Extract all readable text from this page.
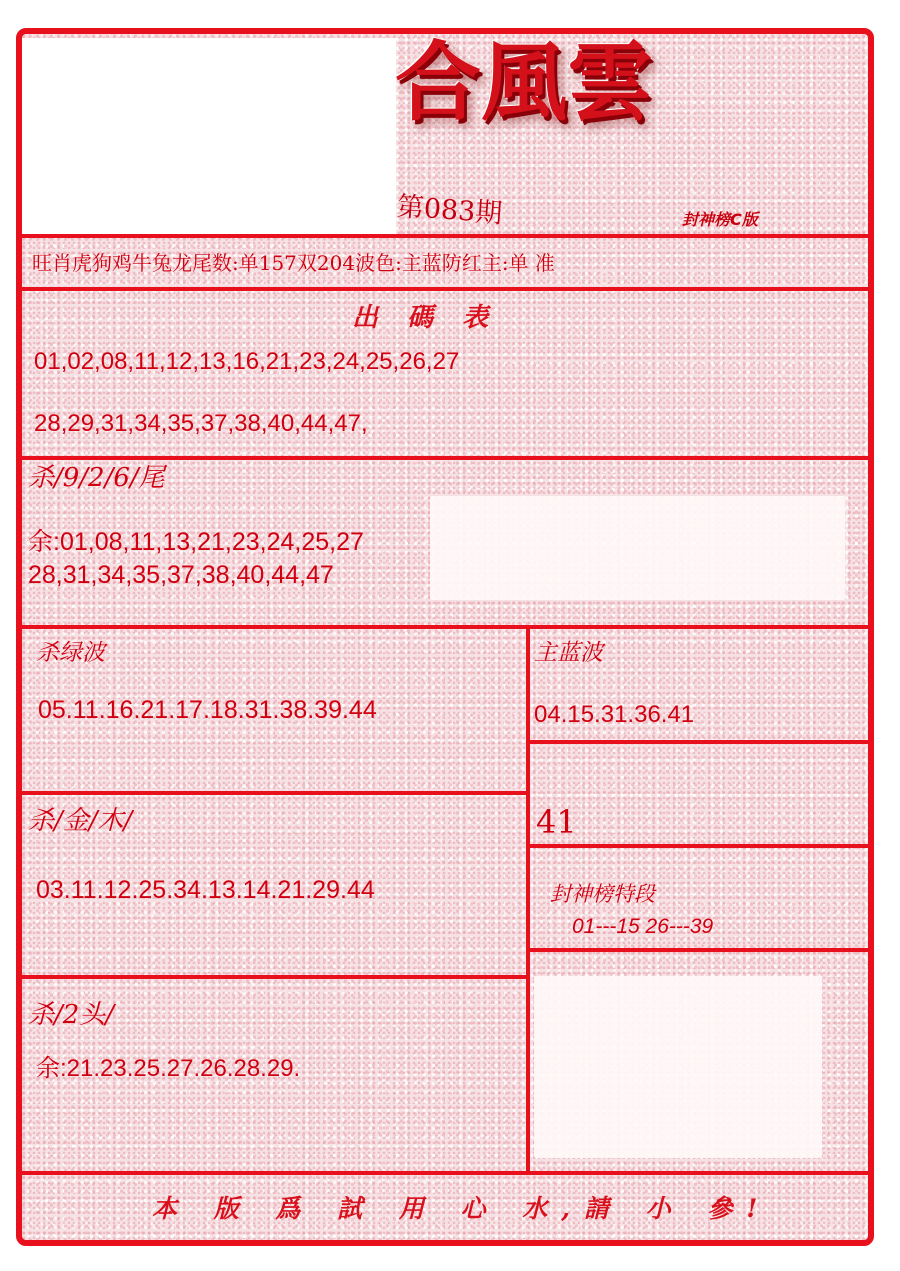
合風雲
第083期	封神榜C版
旺肖虎狗鸡牛兔龙尾数:单157双204波色:主蓝防红主:单 准
出 碼 表
01,02,08,11,12,13,16,21,23,24,25,26,27
28,29,31,34,35,37,38,40,44,47,
杀/9/2/6/尾
余:01,08,11,13,21,23,24,25,27
28,31,34,35,37,38,40,44,47
杀绿波
05.11.16.21.17.18.31.38.39.44
主蓝波
04.15.31.36.41
41
杀/金/木/
03.11.12.25.34.13.14.21.29.44	封神榜特段
01---15 26---39
杀/2头/
余:21.23.25.27.26.28.29.
本 版 爲 試 用 心 水,請 小 參!
